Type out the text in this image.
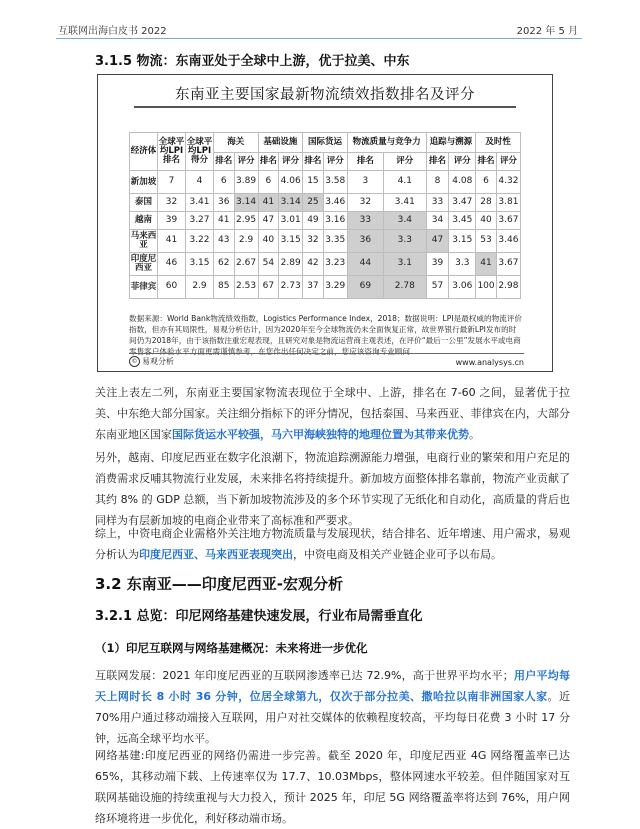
互联网出海白皮书 2022	2022 年 5 月
3.1.5 物流：东南亚处于全球中上游，优于拉美、中东
东南亚主要国家最新物流绩效指数排名及评分
经济体	全球平均LPI排名	全球平均LPI得分	海关		基础设施		国际货运		物流质量与竞争力		追踪与溯源		及时性	
			排名	评分	排名	评分	排名	评分	排名	评分	排名	评分	排名	评分
新加坡	7	4	6	3.89	6	4.06	15	3.58	3	4.1	8	4.08	6	4.32
泰国	32	3.41	36	3.14	41	3.14	25	3.46	32	3.41	33	3.47	28	3.81
越南	39	3.27	41	2.95	47	3.01	49	3.16	33	3.4	34	3.45	40	3.67
马来西亚	41	3.22	43	2.9	40	3.15	32	3.35	36	3.3	47	3.15	53	3.46
印度尼西亚	46	3.15	62	2.67	54	2.89	42	3.23	44	3.1	39	3.3	41	3.67
菲律宾	60	2.9	85	2.53	67	2.73	37	3.29	69	2.78	57	3.06	100	2.98
数据来源：World Bank物流绩效指数，Logistics Performance Index，2018；数据说明：LPI是最权威的物流评价指数，但亦有其局限性，易观分析估计，因为2020年至今全球物流仍未全面恢复正常，故世界银行最新LPI发布的时间仍为2018年，由于该指数注重宏观表现，且研究对象是物流运营商主观表述，在评价“最后一公里”发展水平或电商零售客户体验水平方面更需谨慎参考，在您作出任何决定之前，您应该咨询专业顾问
© 易观分析	www.analysys.cn
关注上表左二列，东南亚主要国家物流表现位于全球中、上游，排名在 7-60 之间，显著优于拉美、中东绝大部分国家。关注细分指标下的评分情况，包括泰国、马来西亚、菲律宾在内，大部分东南亚地区国家国际货运水平较强，马六甲海峡独特的地理位置为其带来优势。
另外，越南、印度尼西亚在数字化浪潮下，物流追踪溯源能力增强，电商行业的繁荣和用户充足的消费需求反哺其物流行业发展，未来排名将持续提升。新加坡方面整体排名靠前，物流产业贡献了其约 8% 的 GDP 总额，当下新加坡物流涉及的多个环节实现了无纸化和自动化，高质量的背后也同样为有层新加坡的电商企业带来了高标准和严要求。
综上，中资电商企业需格外关注地方物流质量与发展现状，结合排名、近年增速、用户需求，易观分析认为印度尼西亚、马来西亚表现突出，中资电商及相关产业链企业可予以布局。
3.2 东南亚——印度尼西亚-宏观分析
3.2.1 总览：印尼网络基建快速发展，行业布局需垂直化
（1）印尼互联网与网络基建概况：未来将进一步优化
互联网发展：2021 年印度尼西亚的互联网渗透率已达 72.9%，高于世界平均水平；用户平均每天上网时长 8 小时 36 分钟，位居全球第九，仅次于部分拉美、撒哈拉以南非洲国家人家。近 70%用户通过移动端接入互联网，用户对社交媒体的依赖程度较高，平均每日花费 3 小时 17 分钟，远高全球平均水平。
网络基建:印度尼西亚的网络仍需进一步完善。截至 2020 年，印度尼西亚 4G 网络覆盖率已达 65%，其移动端下载、上传速率仅为 17.7、10.03Mbps，整体网速水平较差。但伴随国家对互联网基础设施的持续重视与大力投入，预计 2025 年，印尼 5G 网络覆盖率将达到 76%，用户网络环境将进一步优化，利好移动端市场。
